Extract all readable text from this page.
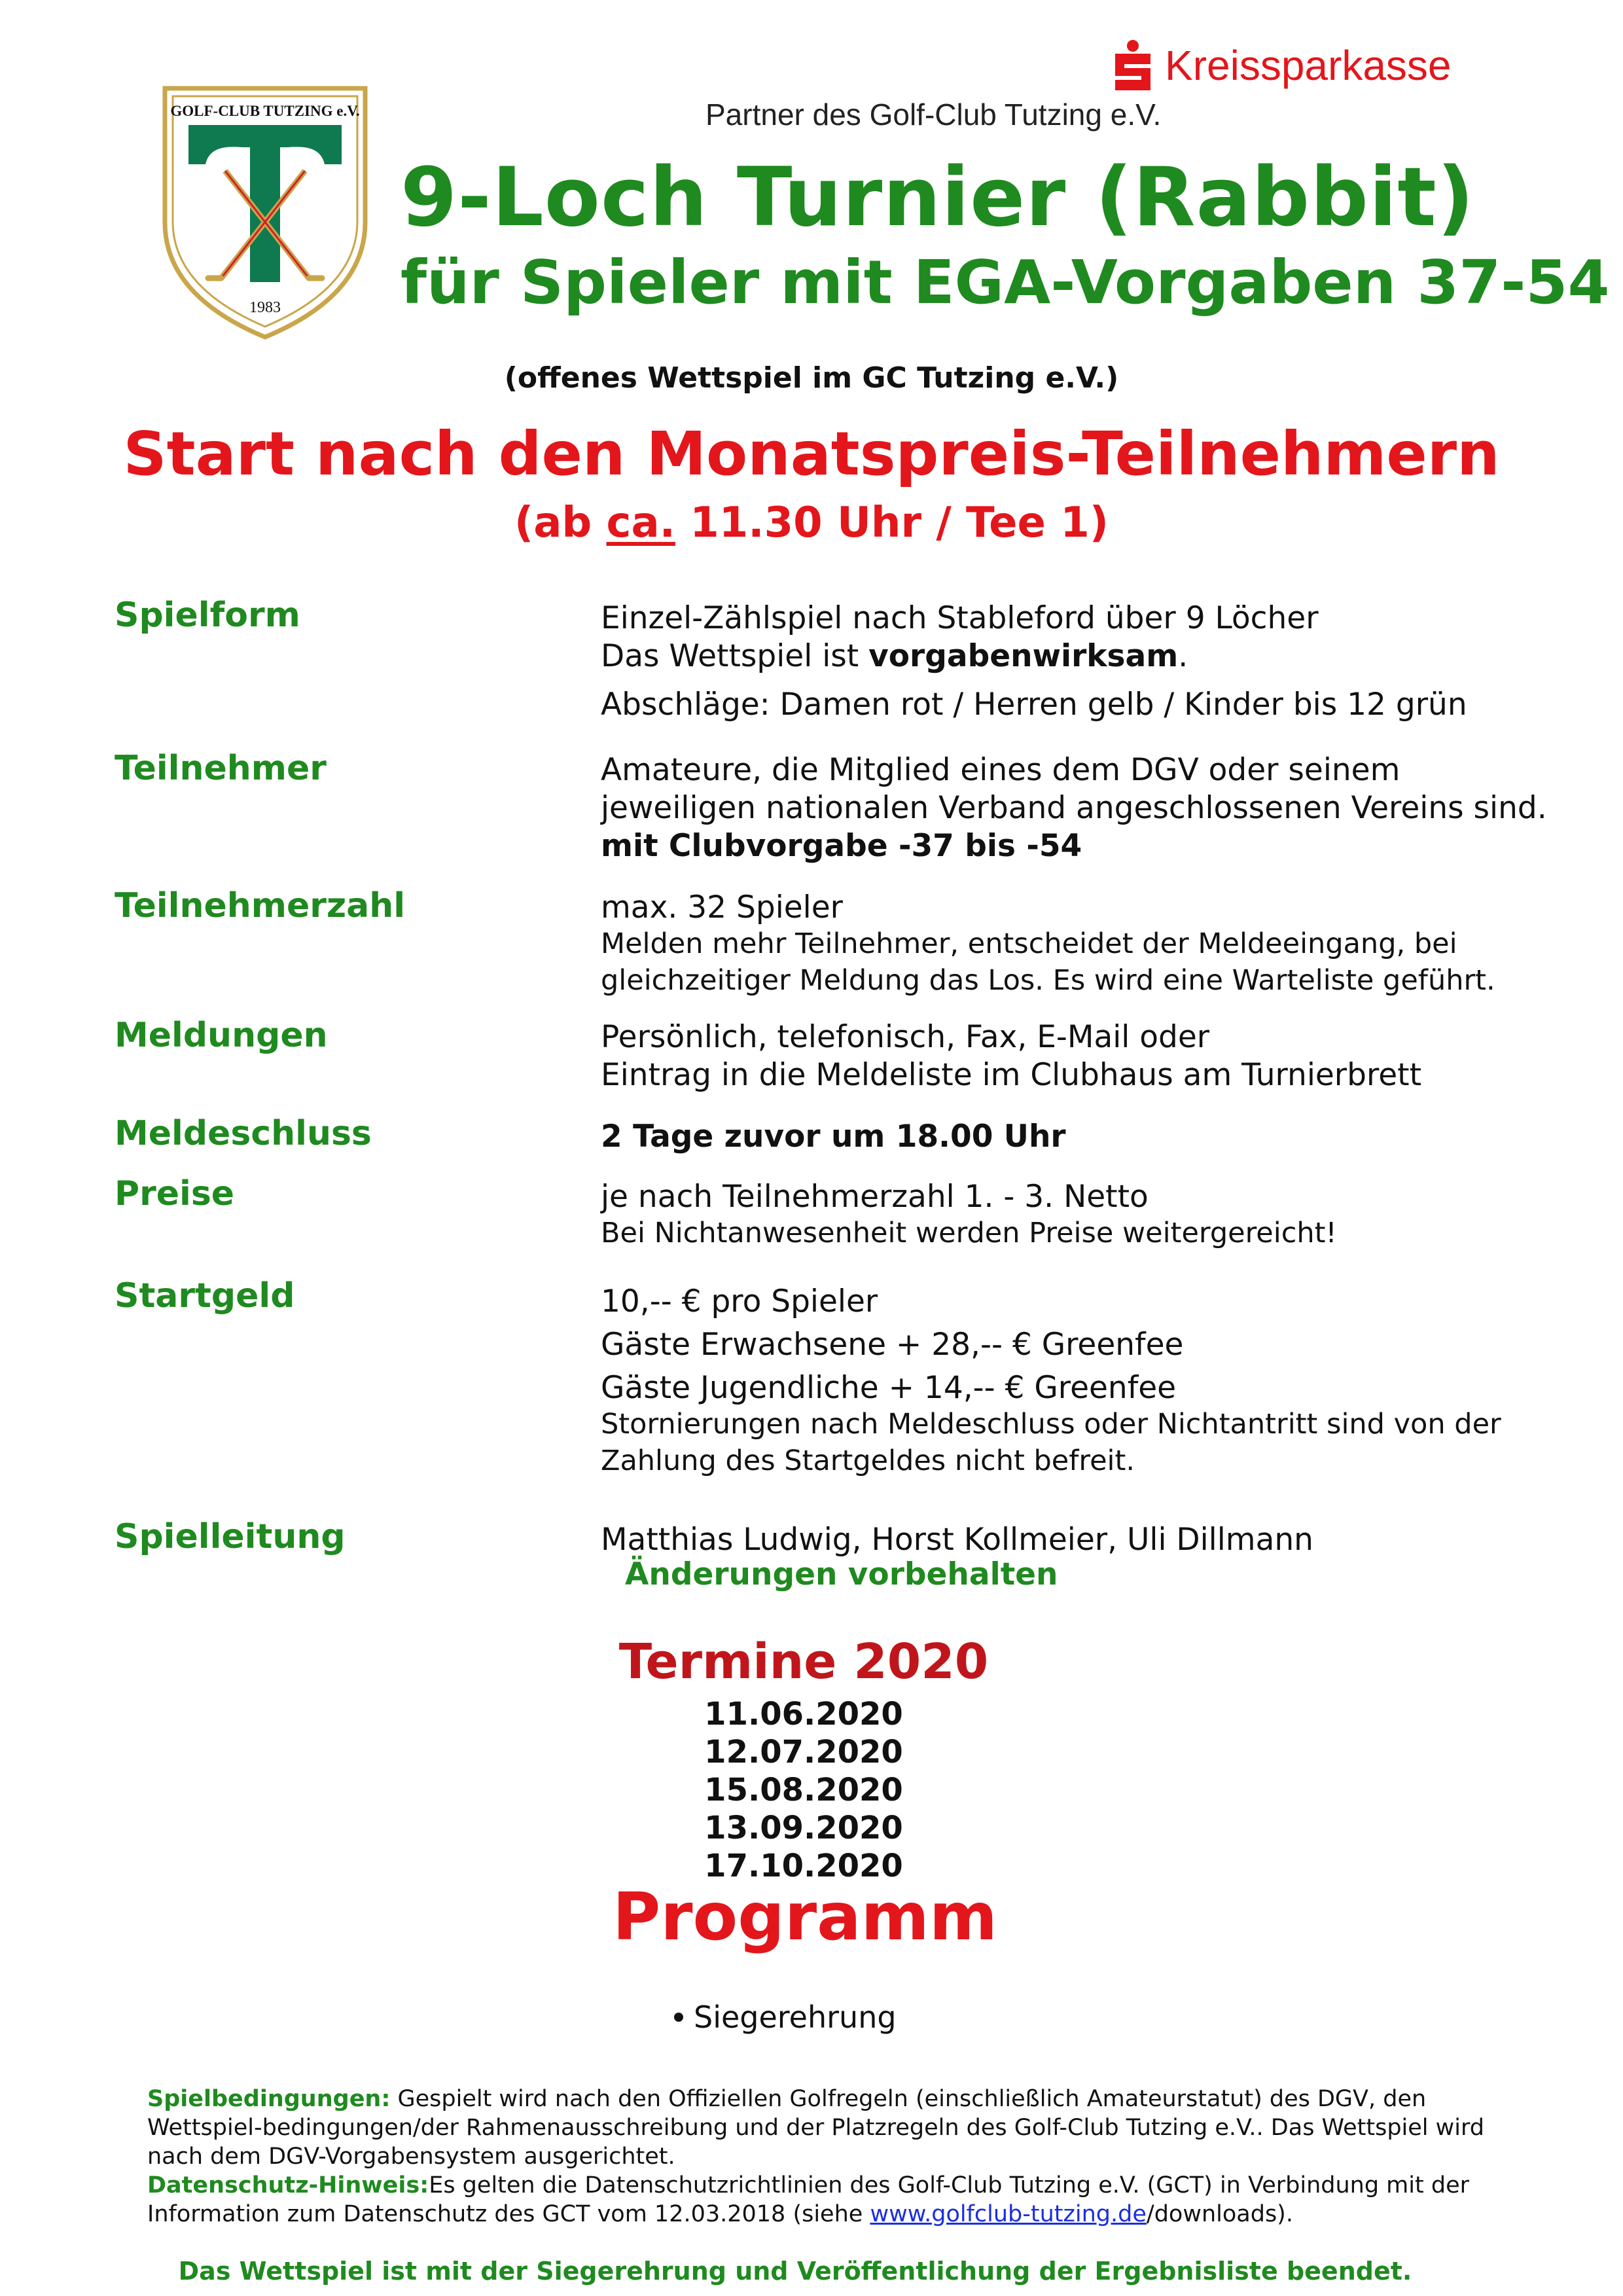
GOLF-CLUB TUTZING e.V.
1983
Partner des Golf-Club Tutzing e.V.
Kreissparkasse
9-Loch Turnier (Rabbit)
für Spieler mit EGA-Vorgaben 37-54
(offenes Wettspiel im GC Tutzing e.V.)
Start nach den Monatspreis-Teilnehmern
(ab ca. 11.30 Uhr / Tee 1)
Spielform	Einzel-Zählspiel nach Stableford über 9 Löcher
Das Wettspiel ist vorgabenwirksam.
Abschläge: Damen rot / Herren gelb / Kinder bis 12 grün
Teilnehmer	Amateure, die Mitglied eines dem DGV oder seinem
jeweiligen nationalen Verband angeschlossenen Vereins sind.
mit Clubvorgabe -37 bis -54
Teilnehmerzahl	max. 32 Spieler
Melden mehr Teilnehmer, entscheidet der Meldeeingang, bei
gleichzeitiger Meldung das Los. Es wird eine Warteliste geführt.
Meldungen	Persönlich, telefonisch, Fax, E-Mail oder
Eintrag in die Meldeliste im Clubhaus am Turnierbrett
Meldeschluss	2 Tage zuvor um 18.00 Uhr
Preise	je nach Teilnehmerzahl 1. - 3. Netto
Bei Nichtanwesenheit werden Preise weitergereicht!
Startgeld	10,-- € pro Spieler
Gäste Erwachsene + 28,-- € Greenfee
Gäste Jugendliche + 14,-- € Greenfee
Stornierungen nach Meldeschluss oder Nichtantritt sind von der
Zahlung des Startgeldes nicht befreit.
Spielleitung	Matthias Ludwig, Horst Kollmeier, Uli Dillmann
Änderungen vorbehalten
Termine 2020
11.06.2020
12.07.2020
15.08.2020
13.09.2020
17.10.2020
Programm
Siegerehrung
Spielbedingungen: Gespielt wird nach den Offiziellen Golfregeln (einschließlich Amateurstatut) des DGV, den Wettspiel-bedingungen/der Rahmenausschreibung und der Platzregeln des Golf-Club Tutzing e.V.. Das Wettspiel wird nach dem DGV-Vorgabensystem ausgerichtet.
Datenschutz-Hinweis:Es gelten die Datenschutzrichtlinien des Golf-Club Tutzing e.V. (GCT) in Verbindung mit der Information zum Datenschutz des GCT vom 12.03.2018 (siehe www.golfclub-tutzing.de/downloads).
Das Wettspiel ist mit der Siegerehrung und Veröffentlichung der Ergebnisliste beendet.
